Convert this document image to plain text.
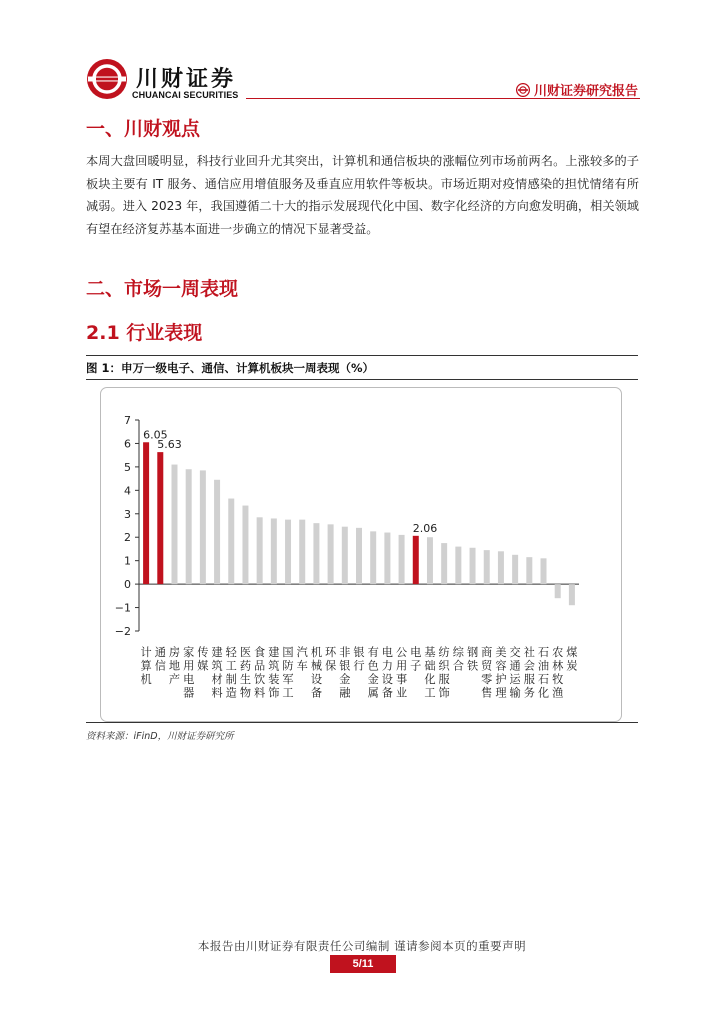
川财证券
CHUANCAI SECURITIES	川财证券研究报告
一、川财观点

本周大盘回暖明显，科技行业回升尤其突出，计算机和通信板块的涨幅位列市场前两名。上涨较多的子板块主要有 IT 服务、通信应用增值服务及垂直应用软件等板块。市场近期对疫情感染的担忧情绪有所减弱。进入 2023 年，我国遵循二十大的指示发展现代化中国、数字化经济的方向愈发明确，相关领域有望在经济复苏基本面进一步确立的情况下显著受益。

二、市场一周表现
2.1 行业表现
图 1：申万一级电子、通信、计算机板块一周表现（%）
7
6
5
4
3
2
1
0
−1
−2
6.05
计算机
5.63
通信
房地产
家用电器
传媒
建筑材料
轻工制造
医药生物
食品饮料
建筑装饰
国防军工
汽车
机械设备
环保
非银金融
银行
有色金属
电力设备
公用事业
2.06
电子
基础化工
纺织服饰
综合
钢铁
商贸零售
美容护理
交通运输
社会服务
石油石化
农林牧渔
煤炭
资料来源：iFinD，川财证券研究所
本报告由川财证券有限责任公司编制 谨请参阅本页的重要声明
5/11
